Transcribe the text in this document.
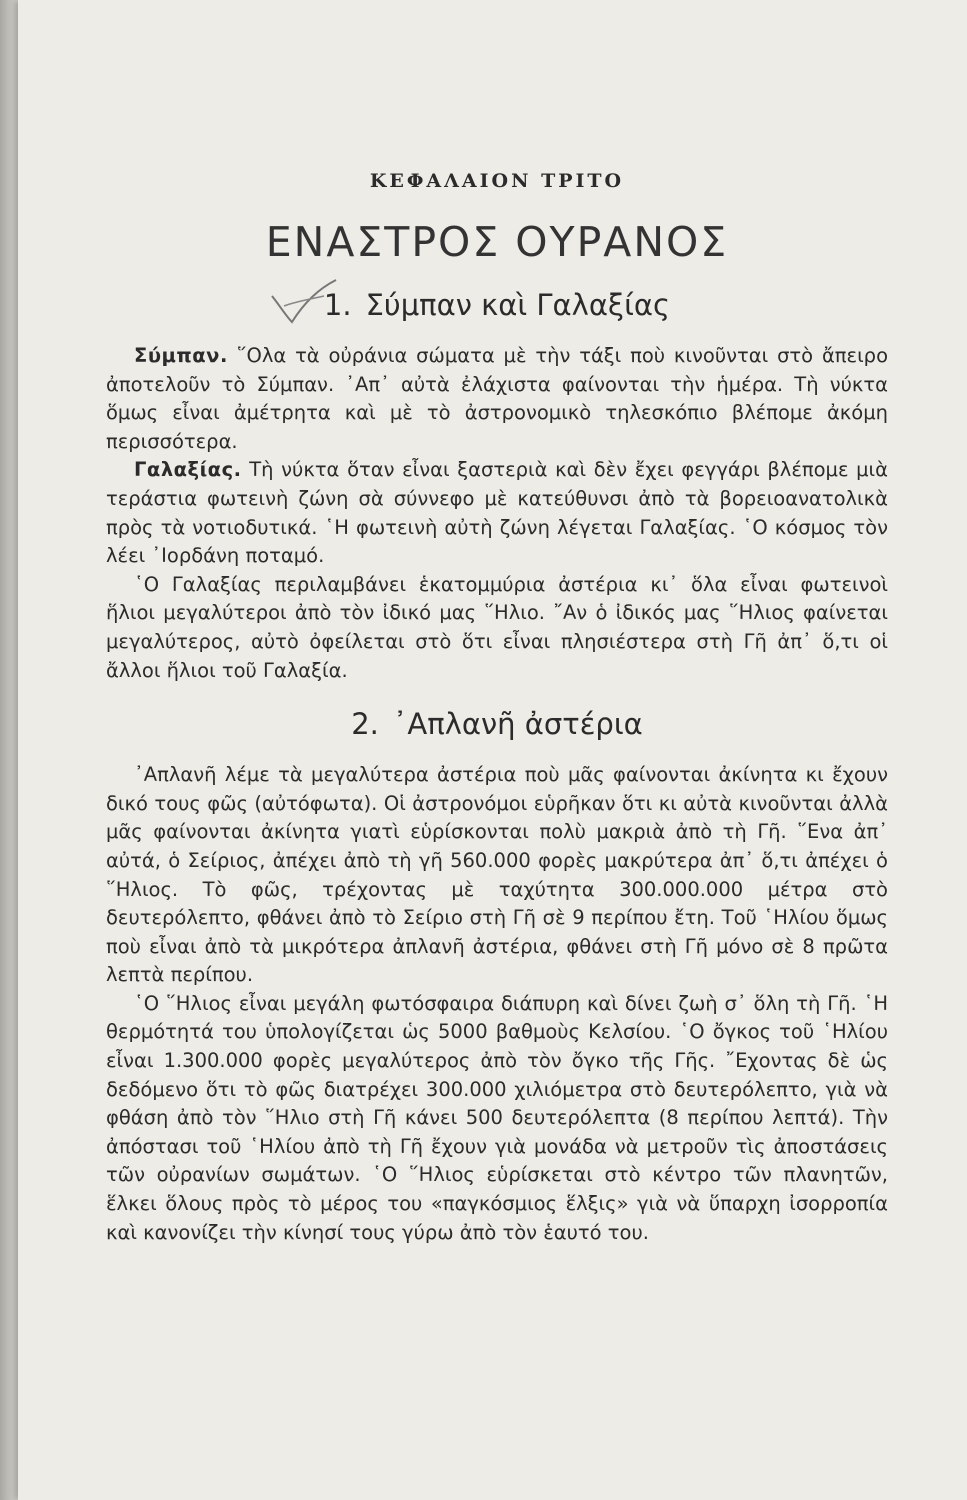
ΚΕΦΑΛΑΙΟΝ ΤΡΙΤΟ
ΕΝΑΣΤΡΟΣ ΟΥΡΑΝΟΣ
1. Σύμπαν καὶ Γαλαξίας

Σύμπαν. ῞Ολα τὰ οὐράνια σώματα μὲ τὴν τάξι ποὺ κινοῦνται στὸ ἄπειρο ἀποτελοῦν τὸ Σύμπαν. ᾿Απ᾿ αὐτὰ ἐλάχιστα φαίνονται τὴν ἡμέρα. Τὴ νύκτα ὅμως εἶναι ἀμέτρητα καὶ μὲ τὸ ἀστρονομικὸ τηλεσκόπιο βλέπομε ἀκόμη περισσότερα.

Γαλαξίας. Τὴ νύκτα ὅταν εἶναι ξαστεριὰ καὶ δὲν ἔχει φεγγάρι βλέπομε μιὰ τεράστια φωτεινὴ ζώνη σὰ σύννεφο μὲ κατεύθυνσι ἀπὸ τὰ βορειοανατολικὰ πρὸς τὰ νοτιοδυτικά. ῾Η φωτεινὴ αὐτὴ ζώνη λέγεται Γαλαξίας. ῾Ο κόσμος τὸν λέει ᾿Ιορδάνη ποταμό.

῾Ο Γαλαξίας περιλαμβάνει ἑκατομμύρια ἀστέρια κι᾿ ὅλα εἶναι φωτεινοὶ ἥλιοι μεγαλύτεροι ἀπὸ τὸν ἰδικό μας ῞Ηλιο. ῎Αν ὁ ἰδικός μας ῞Ηλιος φαίνεται μεγαλύτερος, αὐτὸ ὀφείλεται στὸ ὅτι εἶναι πλησιέστερα στὴ Γῆ ἀπ᾿ ὅ,τι οἱ ἄλλοι ἥλιοι τοῦ Γαλαξία.

2. ᾿Απλανῆ ἀστέρια

᾿Απλανῆ λέμε τὰ μεγαλύτερα ἀστέρια ποὺ μᾶς φαίνονται ἀκίνητα κι ἔχουν δικό τους φῶς (αὐτόφωτα). Οἱ ἀστρονόμοι εὑρῆκαν ὅτι κι αὐτὰ κινοῦνται ἀλλὰ μᾶς φαίνονται ἀκίνητα γιατὶ εὑρίσκονται πολὺ μακριὰ ἀπὸ τὴ Γῆ. ῞Ενα ἀπ᾿ αὐτά, ὁ Σείριος, ἀπέχει ἀπὸ τὴ γῆ 560.000 φορὲς μακρύτερα ἀπ᾿ ὅ,τι ἀπέχει ὁ ῞Ηλιος. Τὸ φῶς, τρέχοντας μὲ ταχύτητα 300.000.000 μέτρα στὸ δευτερόλεπτο, φθάνει ἀπὸ τὸ Σείριο στὴ Γῆ σὲ 9 περίπου ἔτη. Τοῦ ῾Ηλίου ὅμως ποὺ εἶναι ἀπὸ τὰ μικρότερα ἀπλανῆ ἀστέρια, φθάνει στὴ Γῆ μόνο σὲ 8 πρῶτα λεπτὰ περίπου.

῾Ο ῞Ηλιος εἶναι μεγάλη φωτόσφαιρα διάπυρη καὶ δίνει ζωὴ σ᾿ ὅλη τὴ Γῆ. ῾Η θερμότητά του ὑπολογίζεται ὡς 5000 βαθμοὺς Κελσίου. ῾Ο ὄγκος τοῦ ῾Ηλίου εἶναι 1.300.000 φορὲς μεγαλύτερος ἀπὸ τὸν ὄγκο τῆς Γῆς. ῎Εχοντας δὲ ὡς δεδόμενο ὅτι τὸ φῶς διατρέχει 300.000 χιλιόμετρα στὸ δευτερόλεπτο, γιὰ νὰ φθάση ἀπὸ τὸν ῞Ηλιο στὴ Γῆ κάνει 500 δευτερόλεπτα (8 περίπου λεπτά). Τὴν ἀπόστασι τοῦ ῾Ηλίου ἀπὸ τὴ Γῆ ἔχουν γιὰ μονάδα νὰ μετροῦν τὶς ἀποστάσεις τῶν οὐρανίων σωμάτων. ῾Ο ῞Ηλιος εὑρίσκεται στὸ κέντρο τῶν πλανητῶν, ἕλκει ὅλους πρὸς τὸ μέρος του «παγκόσμιος ἕλξις» γιὰ νὰ ὕπαρχη ἰσορροπία καὶ κανονίζει τὴν κίνησί τους γύρω ἀπὸ τὸν ἑαυτό του.
